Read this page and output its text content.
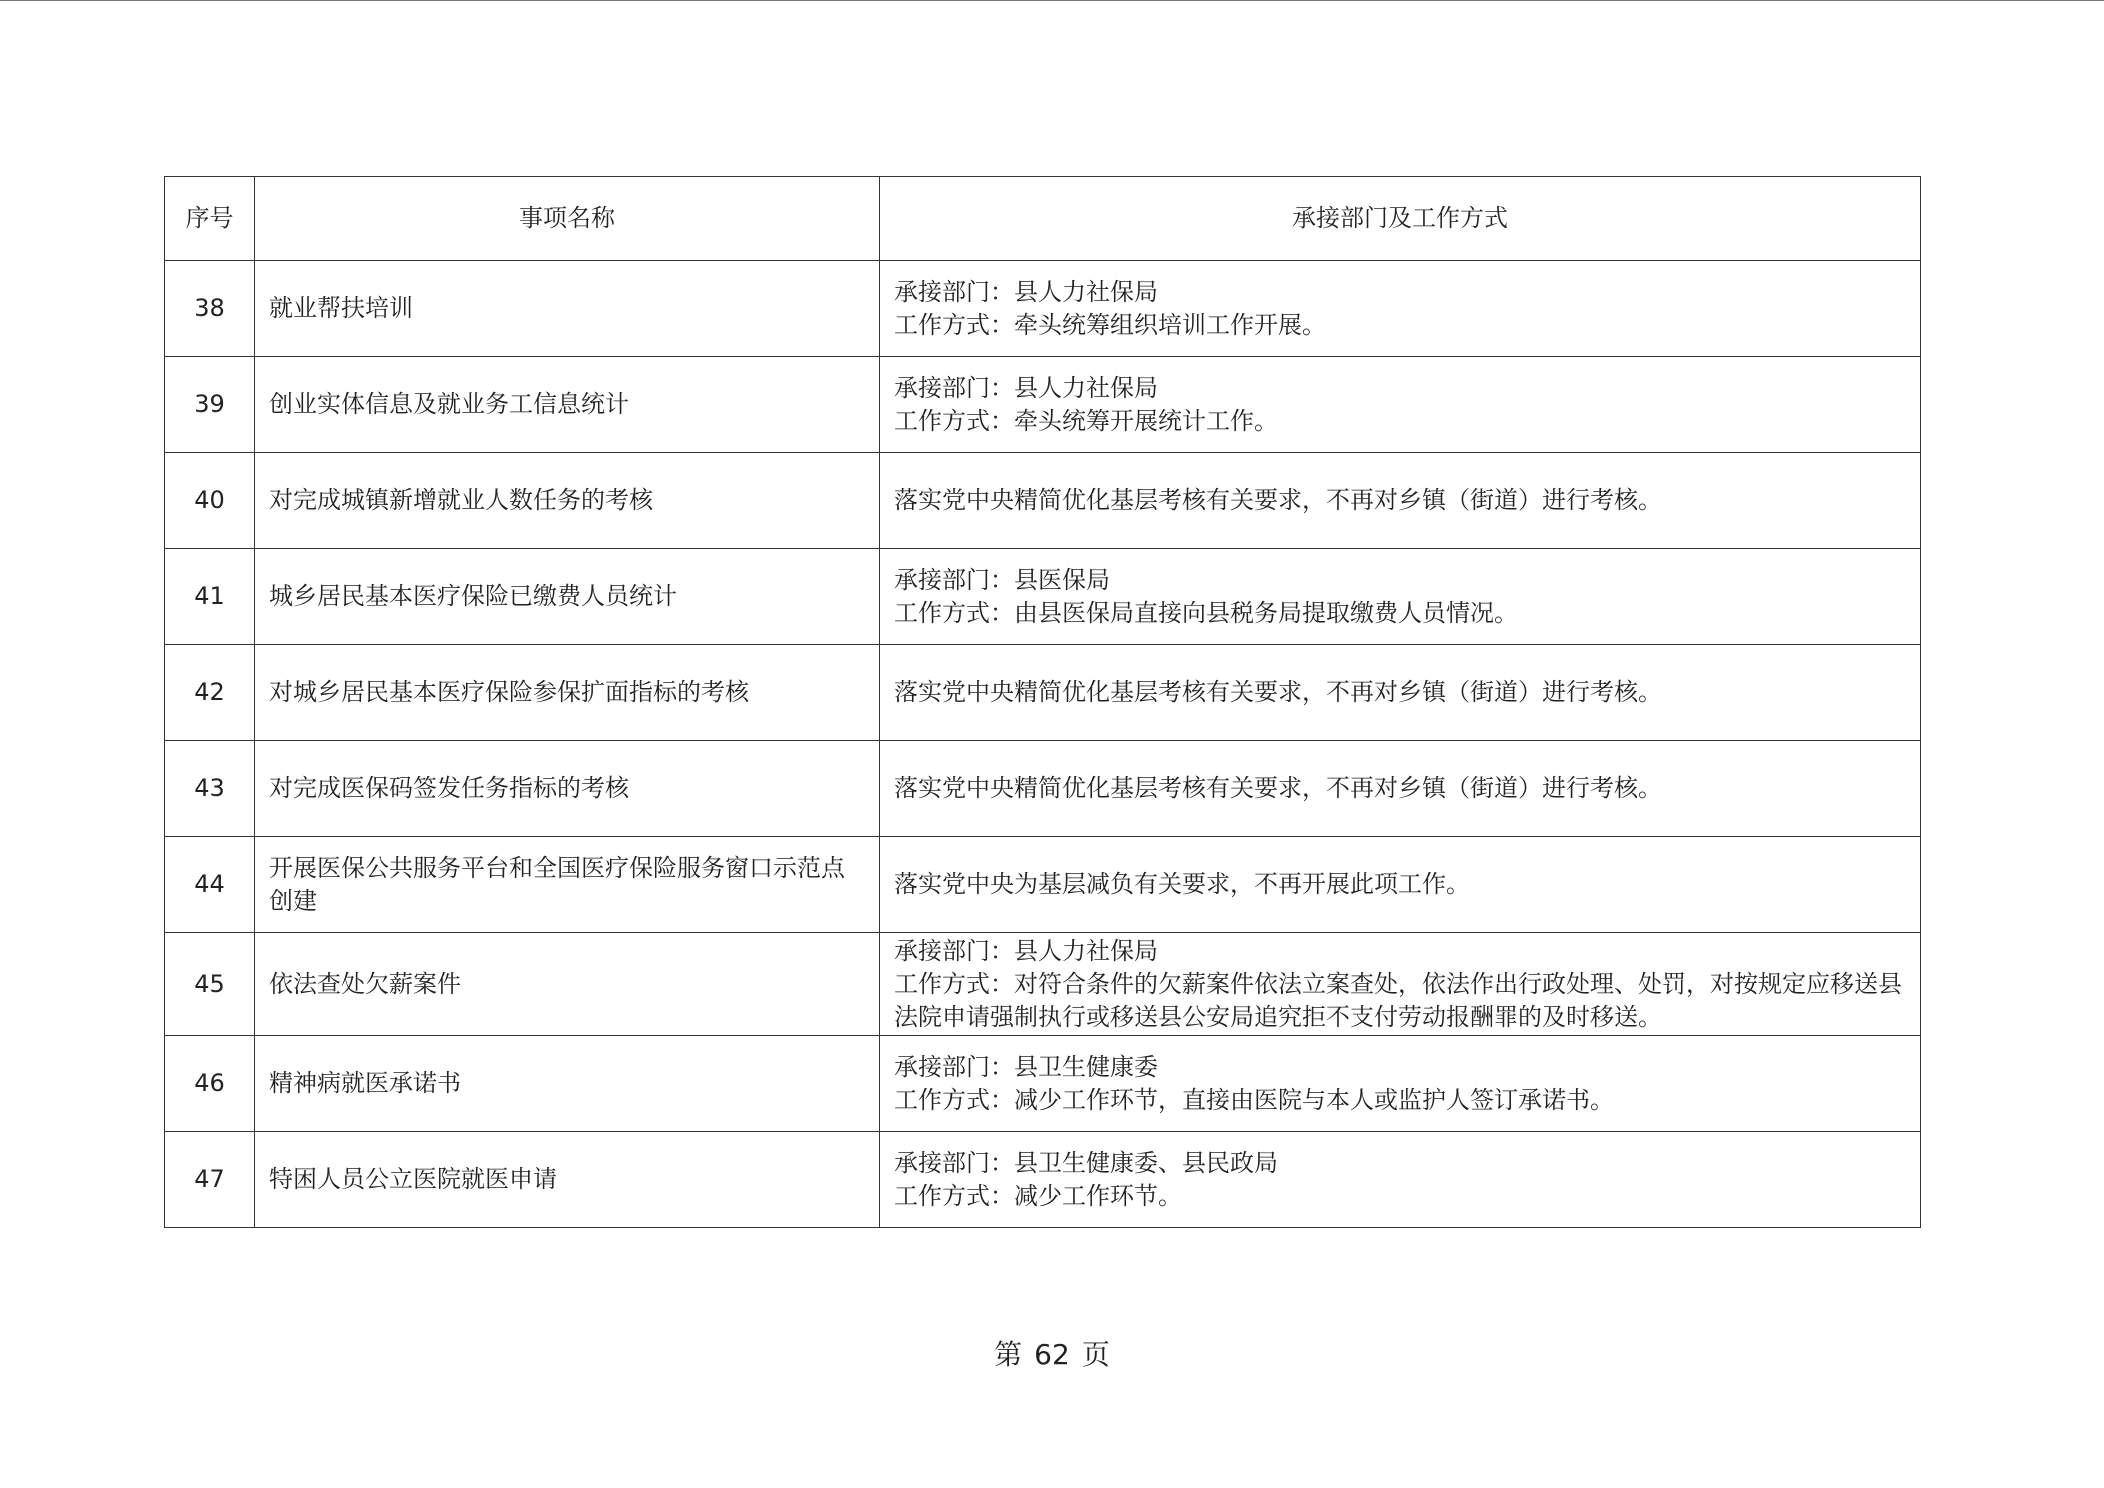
序号	事项名称	承接部门及工作方式
38	就业帮扶培训	承接部门：县人力社保局
工作方式：牵头统筹组织培训工作开展。

39	创业实体信息及就业务工信息统计	承接部门：县人力社保局
工作方式：牵头统筹开展统计工作。

40	对完成城镇新增就业人数任务的考核	落实党中央精简优化基层考核有关要求，不再对乡镇（街道）进行考核。

41	城乡居民基本医疗保险已缴费人员统计	承接部门：县医保局
工作方式：由县医保局直接向县税务局提取缴费人员情况。

42	对城乡居民基本医疗保险参保扩面指标的考核	落实党中央精简优化基层考核有关要求，不再对乡镇（街道）进行考核。

43	对完成医保码签发任务指标的考核	落实党中央精简优化基层考核有关要求，不再对乡镇（街道）进行考核。

44	开展医保公共服务平台和全国医疗保险服务窗口示范点创建	落实党中央为基层减负有关要求，不再开展此项工作。

45	依法查处欠薪案件	承接部门：县人力社保局
工作方式：对符合条件的欠薪案件依法立案查处，依法作出行政处理、处罚，对按规定应移送县法院申请强制执行或移送县公安局追究拒不支付劳动报酬罪的及时移送。

46	精神病就医承诺书	承接部门：县卫生健康委
工作方式：减少工作环节，直接由医院与本人或监护人签订承诺书。

47	特困人员公立医院就医申请	承接部门：县卫生健康委、县民政局
工作方式：减少工作环节。
第 62 页
